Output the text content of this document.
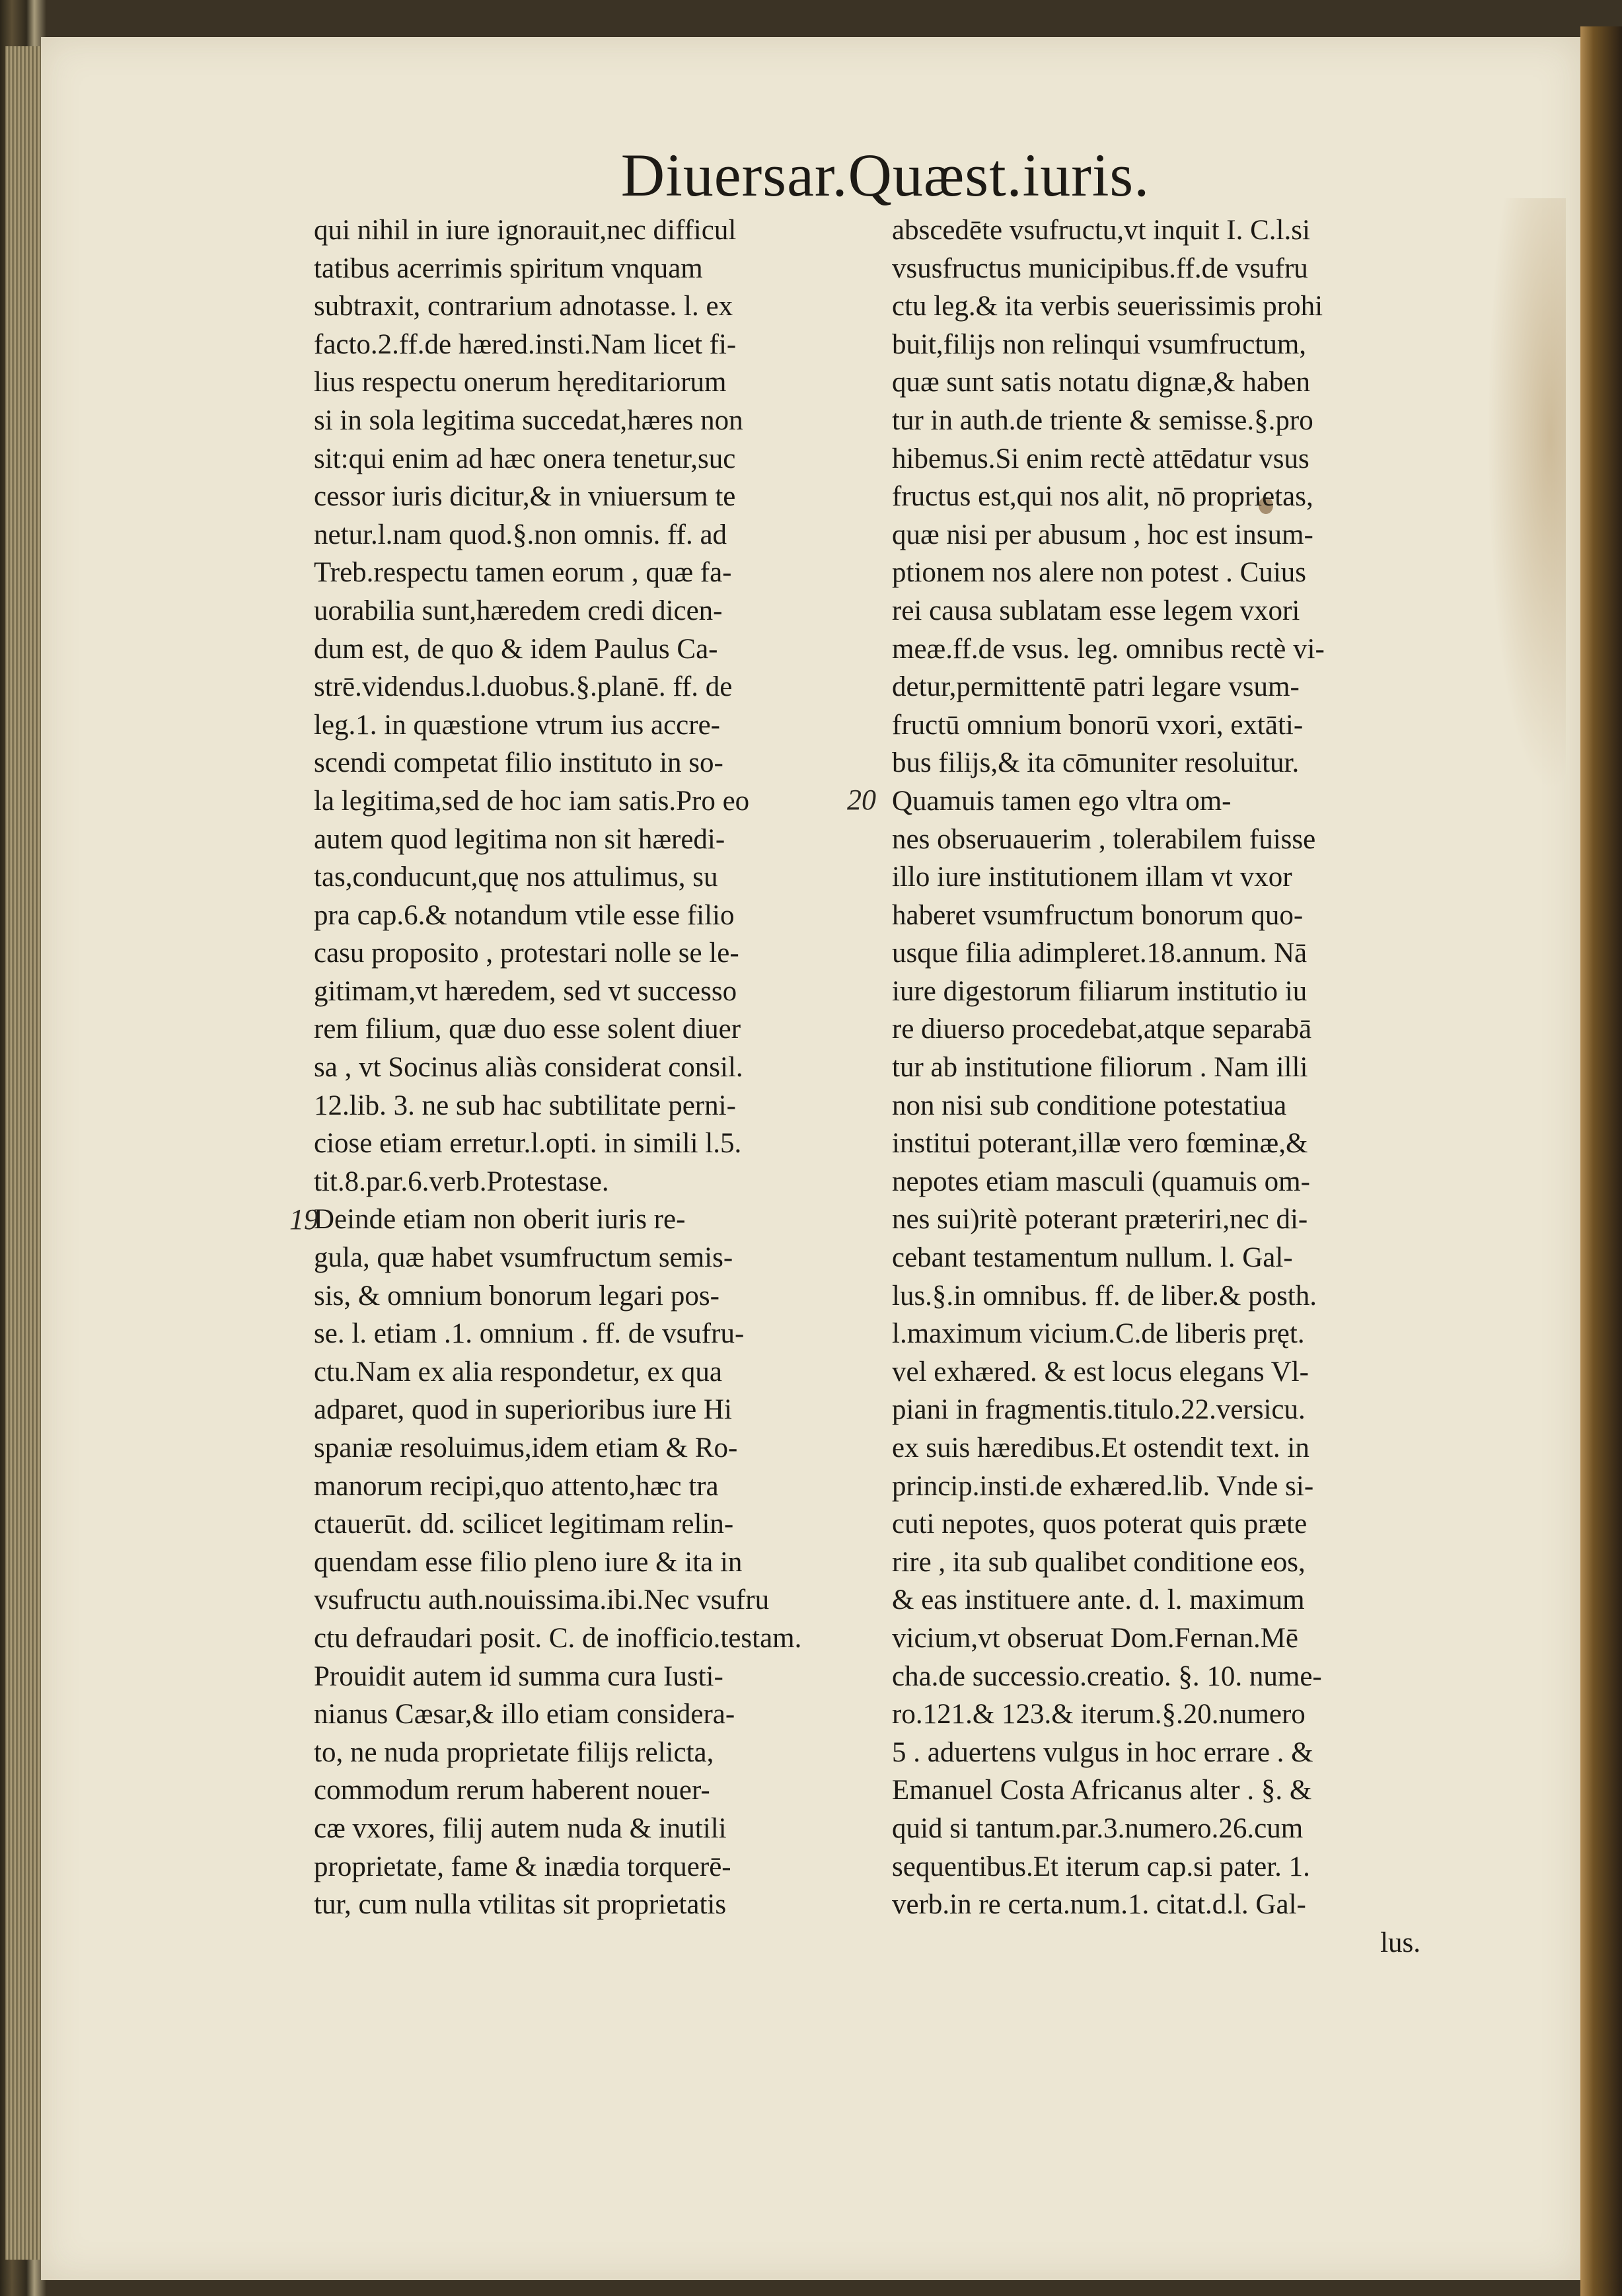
Diuersar.Quæst.iuris.
19
20
qui nihil in iure ignorauit,nec difficul
tatibus acerrimis spiritum vnquam
subtraxit, contrarium adnotasse. l. ex
facto.2.ff.de hæred.insti.Nam licet fi-
lius respectu onerum hęreditariorum
si in sola legitima succedat,hæres non
sit:qui enim ad hæc onera tenetur,suc
cessor iuris dicitur,& in vniuersum te
netur.l.nam quod.§.non omnis. ff. ad
Treb.respectu tamen eorum , quæ fa-
uorabilia sunt,hæredem credi dicen-
dum est, de quo & idem Paulus Ca-
strē.videndus.l.duobus.§.planē. ff. de
leg.1. in quæstione vtrum ius accre-
scendi competat filio instituto in so-
la legitima,sed de hoc iam satis.Pro eo
autem quod legitima non sit hæredi-
tas,conducunt,quę nos attulimus, su
pra cap.6.& notandum vtile esse filio
casu proposito , protestari nolle se le-
gitimam,vt hæredem, sed vt successo
rem filium, quæ duo esse solent diuer
sa , vt Socinus aliàs considerat consil.
12.lib. 3. ne sub hac subtilitate perni-
ciose etiam erretur.l.opti. in simili l.5.
tit.8.par.6.verb.Protestase.
Deinde etiam non oberit iuris re-
gula, quæ habet vsumfructum semis-
sis, & omnium bonorum legari pos-
se. l. etiam .1. omnium . ff. de vsufru-
ctu.Nam ex alia respondetur, ex qua
adparet, quod in superioribus iure Hi
spaniæ resoluimus,idem etiam & Ro-
manorum recipi,quo attento,hæc tra
ctauerūt. dd. scilicet legitimam relin-
quendam esse filio pleno iure & ita in
vsufructu auth.nouissima.ibi.Nec vsufru
ctu defraudari posit. C. de inofficio.testam.
Prouidit autem id summa cura Iusti-
nianus Cæsar,& illo etiam considera-
to, ne nuda proprietate filijs relicta,
commodum rerum haberent nouer-
cæ vxores, filij autem nuda & inutili
proprietate, fame & inædia torquerē-
tur, cum nulla vtilitas sit proprietatis
abscedēte vsufructu,vt inquit I. C.l.si
vsusfructus municipibus.ff.de vsufru
ctu leg.& ita verbis seuerissimis prohi
buit,filijs non relinqui vsumfructum,
quæ sunt satis notatu dignæ,& haben
tur in auth.de triente & semisse.§.pro
hibemus.Si enim rectè attēdatur vsus
fructus est,qui nos alit, nō proprietas,
quæ nisi per abusum , hoc est insum-
ptionem nos alere non potest . Cuius
rei causa sublatam esse legem vxori
meæ.ff.de vsus. leg. omnibus rectè vi-
detur,permittentē patri legare vsum-
fructū omnium bonorū vxori, extāti-
bus filijs,& ita cōmuniter resoluitur.
Quamuis tamen ego vltra om-
nes obseruauerim , tolerabilem fuisse
illo iure institutionem illam vt vxor
haberet vsumfructum bonorum quo-
usque filia adimpleret.18.annum. Nā
iure digestorum filiarum institutio iu
re diuerso procedebat,atque separabā
tur ab institutione filiorum . Nam illi
non nisi sub conditione potestatiua
institui poterant,illæ vero fœminæ,&
nepotes etiam masculi (quamuis om-
nes sui)ritè poterant præteriri,nec di-
cebant testamentum nullum. l. Gal-
lus.§.in omnibus. ff. de liber.& posth.
l.maximum vicium.C.de liberis pręt.
vel exhæred. & est locus elegans Vl-
piani in fragmentis.titulo.22.versicu.
ex suis hæredibus.Et ostendit text. in
princip.insti.de exhæred.lib. Vnde si-
cuti nepotes, quos poterat quis præte
rire , ita sub qualibet conditione eos,
& eas instituere ante. d. l. maximum
vicium,vt obseruat Dom.Fernan.Mē
cha.de successio.creatio. §. 10. nume-
ro.121.& 123.& iterum.§.20.numero
5 . aduertens vulgus in hoc errare . &
Emanuel Costa Africanus alter . §. &
quid si tantum.par.3.numero.26.cum
sequentibus.Et iterum cap.si pater. 1.
verb.in re certa.num.1. citat.d.l. Gal-
lus.
